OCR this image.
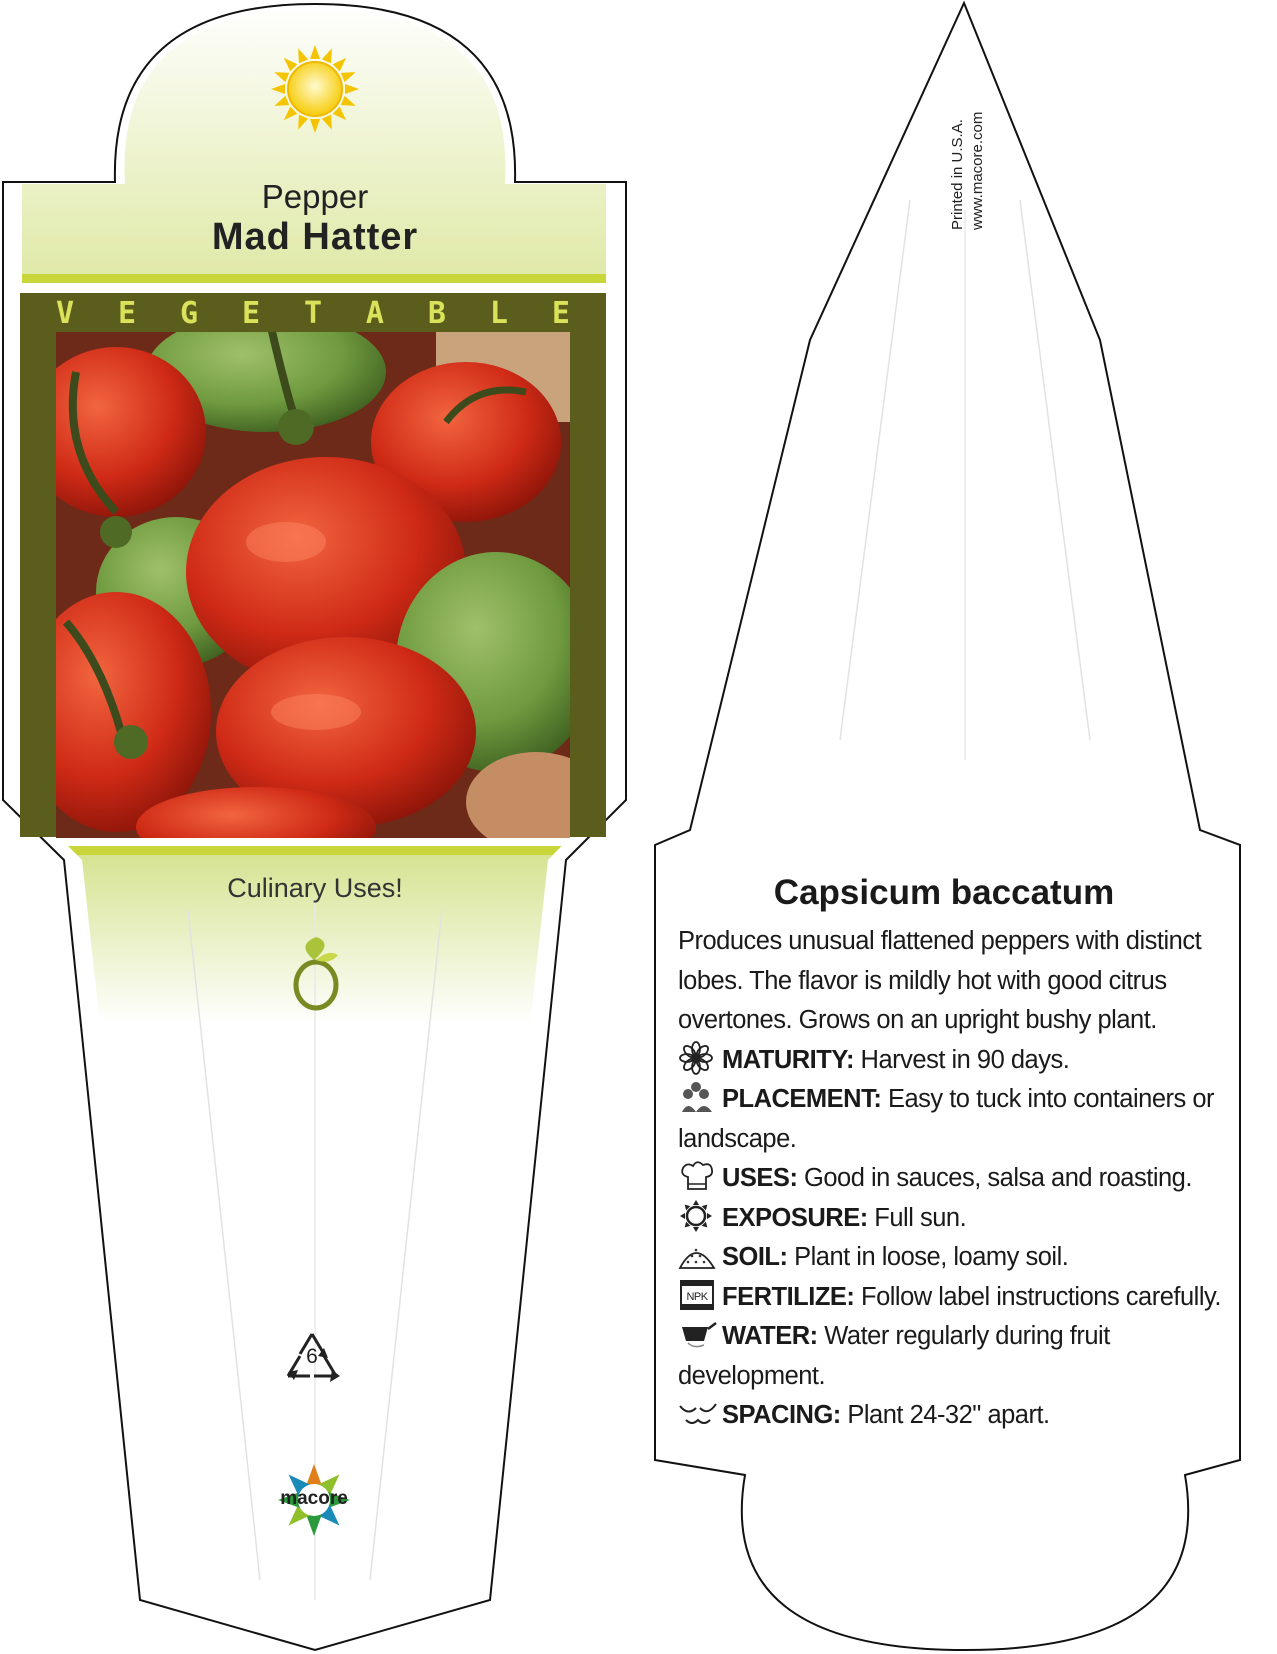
Pepper
Mad Hatter
V E G E T A B L E
Culinary Uses!
6
macore
Printed in U.S.A. www.macore.com
Capsicum baccatum

Produces unusual flattened peppers with distinct lobes. The flavor is mildly hot with good citrus overtones. Grows on an upright bushy plant.

MATURITY: Harvest in 90 days.
PLACEMENT: Easy to tuck into containers or landscape.
USES: Good in sauces, salsa and roasting.
EXPOSURE: Full sun.
SOIL: Plant in loose, loamy soil.
NPK FERTILIZE: Follow label instructions carefully.
WATER: Water regularly during fruit development.
SPACING: Plant 24-32" apart.
